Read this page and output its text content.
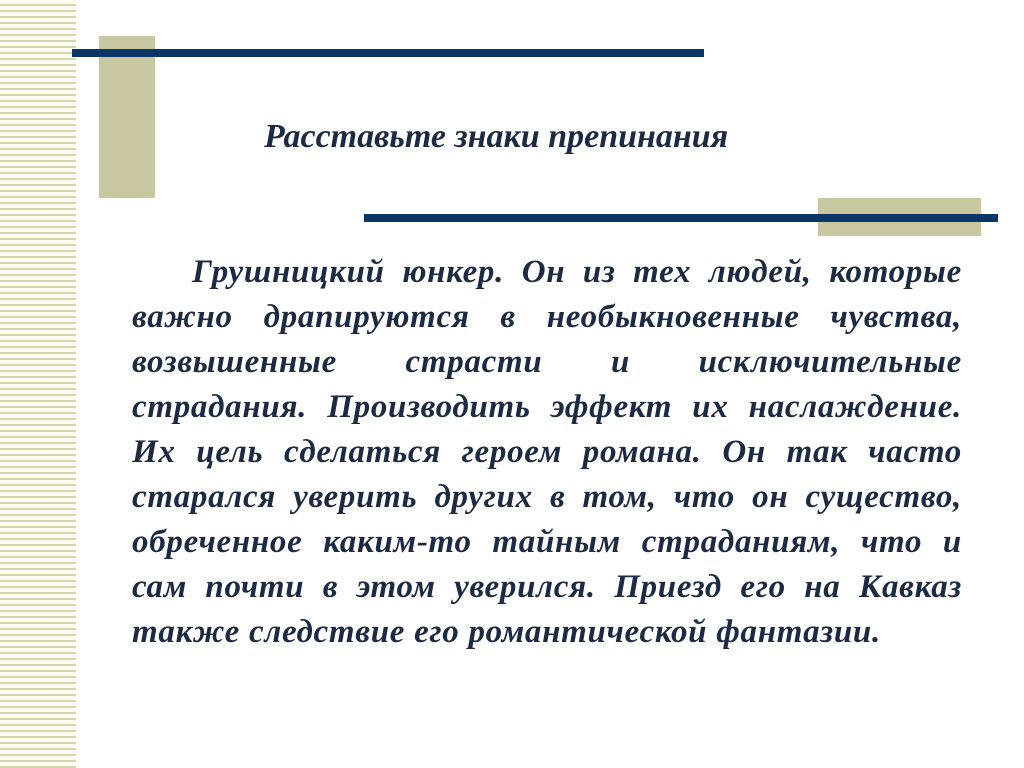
Расставьте знаки препинания

Грушницкий юнкер. Он из тех людей, которые важно драпируются в необыкновенные чувства, возвышенные страсти и исключительные страдания. Производить эффект их наслаждение. Их цель сделаться героем романа. Он так часто старался уверить других в том, что он существо, обреченное каким-то тайным страданиям, что и сам почти в этом уверился. Приезд его на Кавказ также следствие его романтической фантазии.
